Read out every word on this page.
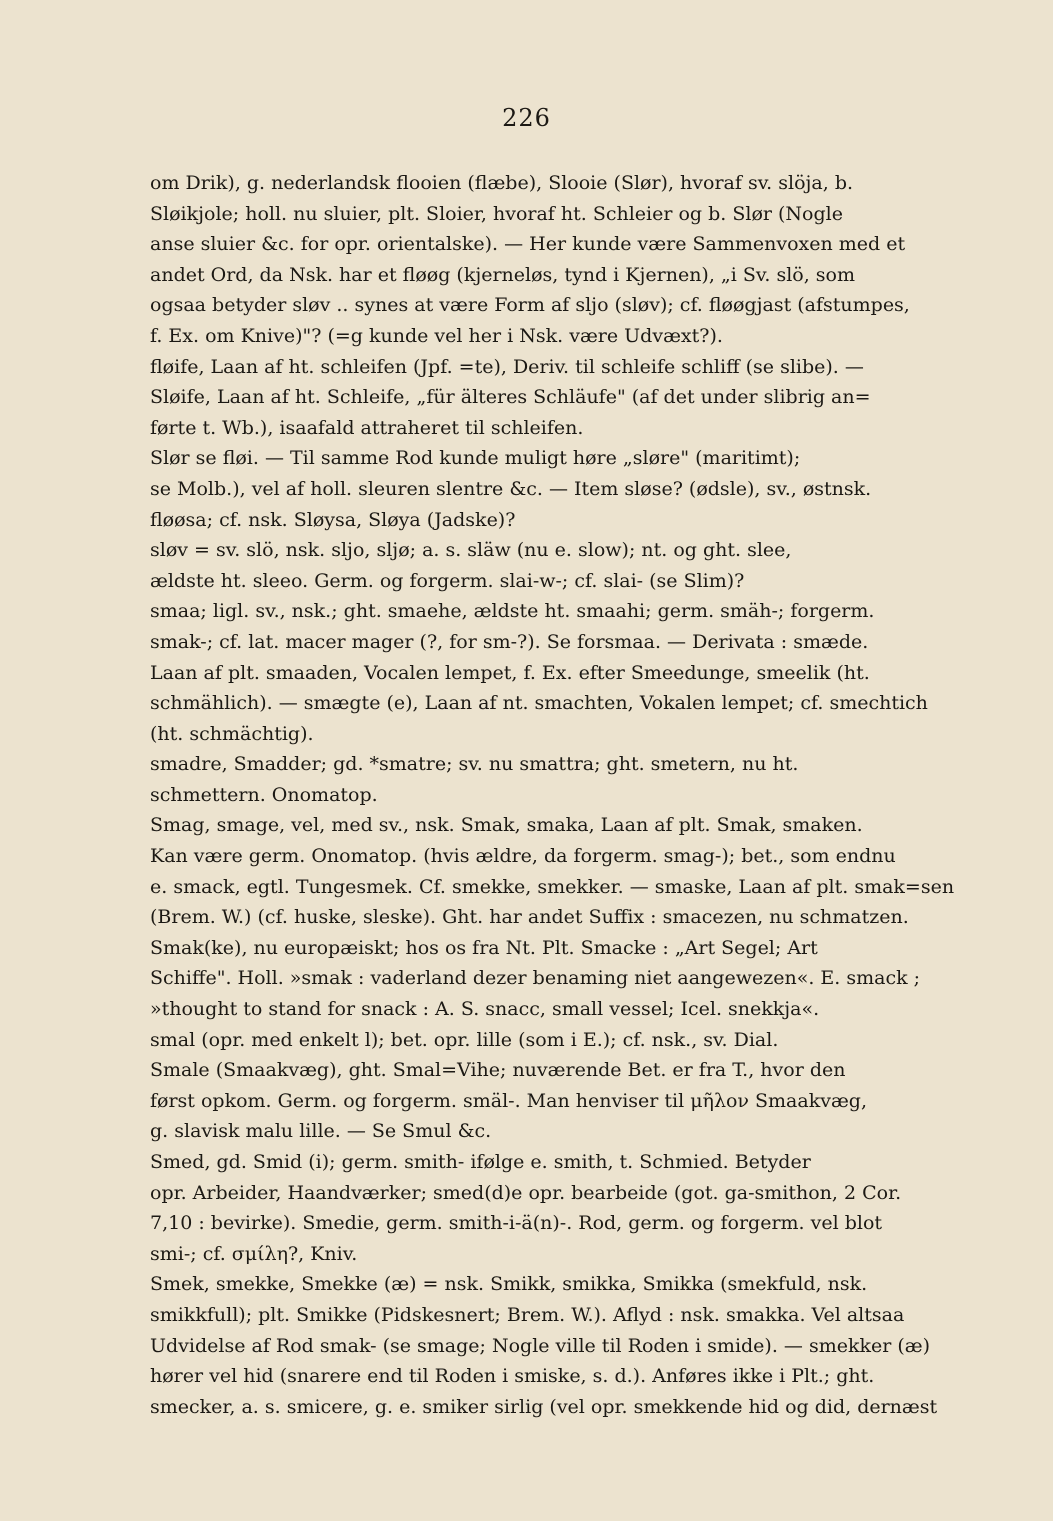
226
om Drik), g. nederlandsk flooien (flæbe), Slooie (Slør), hvoraf sv. slöja, b.
Sløikjole; holl. nu sluier, plt. Sloier, hvoraf ht. Schleier og b. Slør (Nogle
anse sluier &c. for opr. orientalske). — Her kunde være Sammenvoxen med et
andet Ord, da Nsk. har et fløøg (kjerneløs, tynd i Kjernen), „i Sv. slö, som
ogsaa betyder sløv .. synes at være Form af sljo (sløv); cf. fløøgjast (afstumpes,
f. Ex. om Knive)"? (=g kunde vel her i Nsk. være Udvæxt?).
fløife, Laan af ht. schleifen (Jpf. =te), Deriv. til schleife schliff (se slibe). —
Sløife, Laan af ht. Schleife, „für älteres Schläufe" (af det under slibrig an=
førte t. Wb.), isaafald attraheret til schleifen.
Slør se fløi. — Til samme Rod kunde muligt høre „sløre" (maritimt);
se Molb.), vel af holl. sleuren slentre &c. — Item sløse? (ødsle), sv., østnsk.
fløøsa; cf. nsk. Sløysa, Sløya (Jadske)?
sløv = sv. slö, nsk. sljo, sljø; a. s. släw (nu e. slow); nt. og ght. slee,
ældste ht. sleeo. Germ. og forgerm. slai-w-; cf. slai- (se Slim)?
smaa; ligl. sv., nsk.; ght. smaehe, ældste ht. smaahi; germ. smäh-; forgerm.
smak-; cf. lat. macer mager (?, for sm-?). Se forsmaa. — Derivata : smæde.
Laan af plt. smaaden, Vocalen lempet, f. Ex. efter Smeedunge, smeelik (ht.
schmählich). — smægte (e), Laan af nt. smachten, Vokalen lempet; cf. smechtich
(ht. schmächtig).
smadre, Smadder; gd. *smatre; sv. nu smattra; ght. smetern, nu ht.
schmettern. Onomatop.
Smag, smage, vel, med sv., nsk. Smak, smaka, Laan af plt. Smak, smaken.
Kan være germ. Onomatop. (hvis ældre, da forgerm. smag-); bet., som endnu
e. smack, egtl. Tungesmek. Cf. smekke, smekker. — smaske, Laan af plt. smak=sen
(Brem. W.) (cf. huske, sleske). Ght. har andet Suffix : smacezen, nu schmatzen.
Smak(ke), nu europæiskt; hos os fra Nt. Plt. Smacke : „Art Segel; Art
Schiffe". Holl. »smak : vaderland dezer benaming niet aangewezen«. E. smack ;
»thought to stand for snack : A. S. snacc, small vessel; Icel. snekkja«.
smal (opr. med enkelt l); bet. opr. lille (som i E.); cf. nsk., sv. Dial.
Smale (Smaakvæg), ght. Smal=Vihe; nuværende Bet. er fra T., hvor den
først opkom. Germ. og forgerm. smäl-. Man henviser til μῆλον Smaakvæg,
g. slavisk malu lille. — Se Smul &c.
Smed, gd. Smid (i); germ. smith- ifølge e. smith, t. Schmied. Betyder
opr. Arbeider, Haandværker; smed(d)e opr. bearbeide (got. ga-smithon, 2 Cor.
7,10 : bevirke). Smedie, germ. smith-i-ä(n)-. Rod, germ. og forgerm. vel blot
smi-; cf. σμίλη?, Kniv.
Smek, smekke, Smekke (æ) = nsk. Smikk, smikka, Smikka (smekfuld, nsk.
smikkfull); plt. Smikke (Pidskesnert; Brem. W.). Aflyd : nsk. smakka. Vel altsaa
Udvidelse af Rod smak- (se smage; Nogle ville til Roden i smide). — smekker (æ)
hører vel hid (snarere end til Roden i smiske, s. d.). Anføres ikke i Plt.; ght.
smecker, a. s. smicere, g. e. smiker sirlig (vel opr. smekkende hid og did, dernæst
